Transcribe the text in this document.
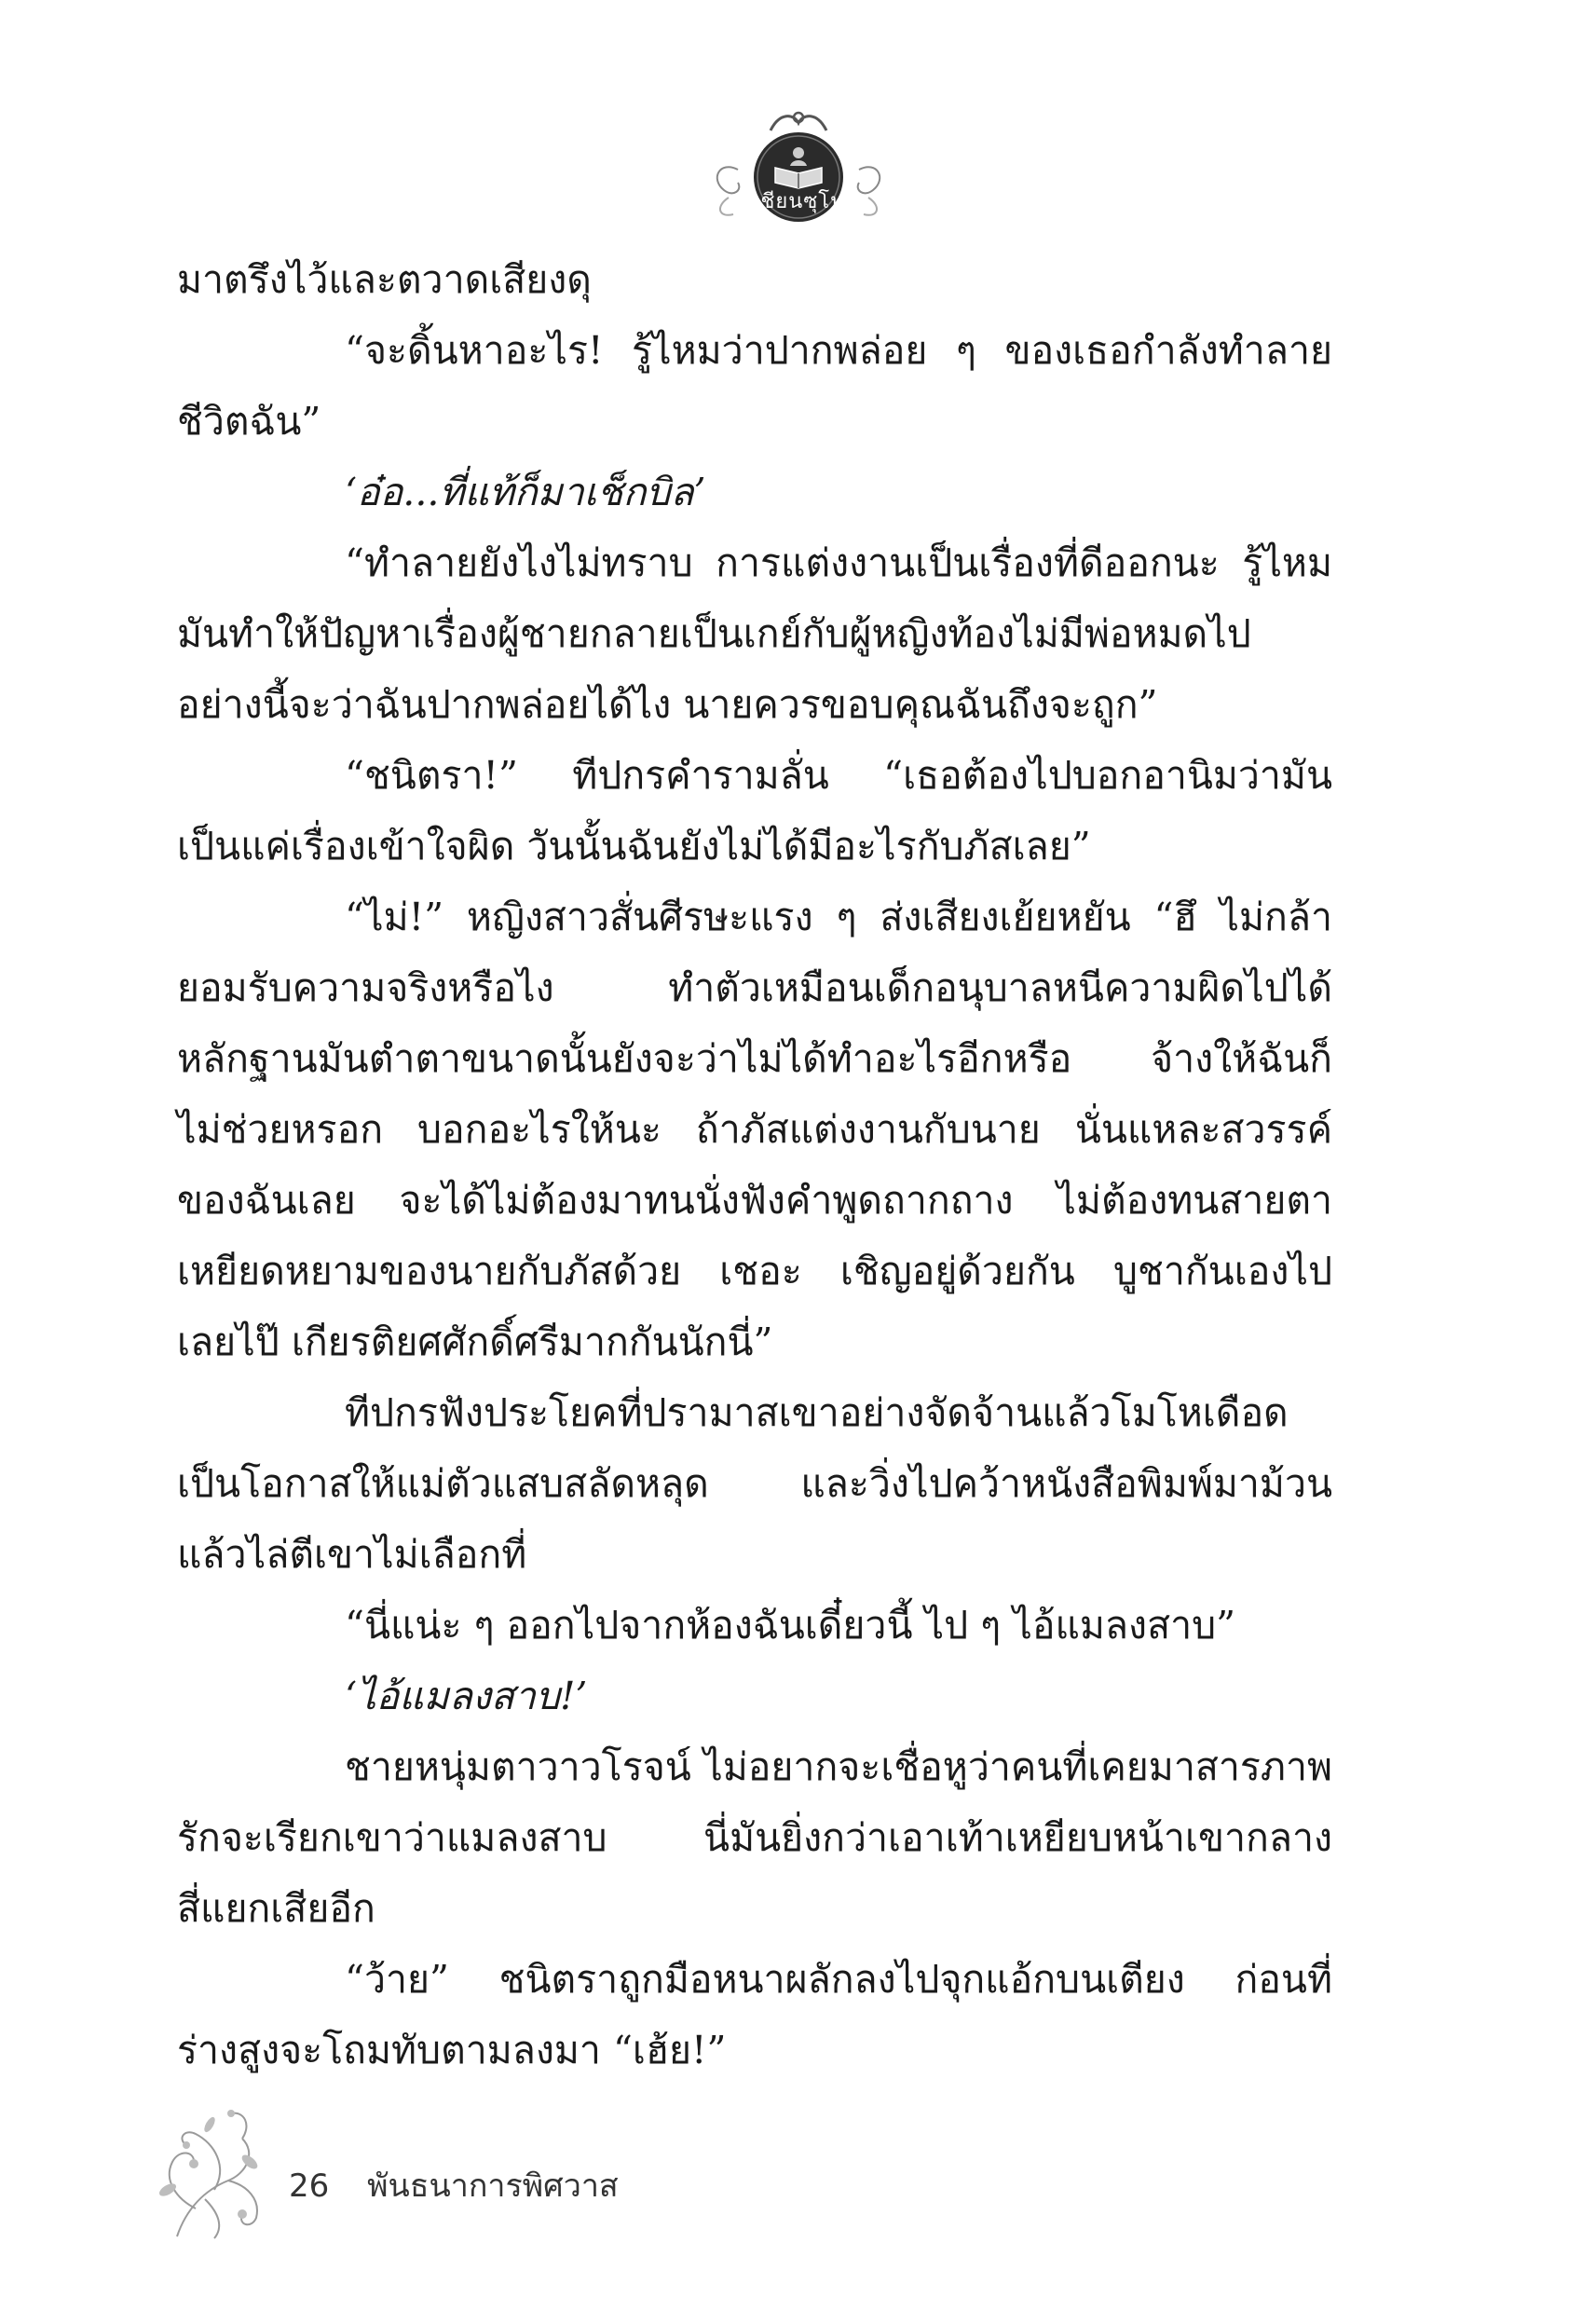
เชียนซุโป
มาตรึงไว้และตวาดเสียงดุ
“จะดิ้นหาอะไร! รู้ไหมว่าปากพล่อย ๆ ของเธอกำลังทำลาย
ชีวิตฉัน”
‘อ๋อ...ที่แท้ก็มาเช็กบิล’
“ทำลายยังไงไม่ทราบ การแต่งงานเป็นเรื่องที่ดีออกนะ รู้ไหม
มันทำให้ปัญหาเรื่องผู้ชายกลายเป็นเกย์กับผู้หญิงท้องไม่มีพ่อหมดไป
อย่างนี้จะว่าฉันปากพล่อยได้ไง นายควรขอบคุณฉันถึงจะถูก”
“ชนิตรา!” ทีปกรคำรามลั่น “เธอต้องไปบอกอานิมว่ามัน
เป็นแค่เรื่องเข้าใจผิด วันนั้นฉันยังไม่ได้มีอะไรกับภัสเลย”
“ไม่!” หญิงสาวสั่นศีรษะแรง ๆ ส่งเสียงเย้ยหยัน “ฮึ ไม่กล้า
ยอมรับความจริงหรือไง ทำตัวเหมือนเด็กอนุบาลหนีความผิดไปได้
หลักฐานมันตำตาขนาดนั้นยังจะว่าไม่ได้ทำอะไรอีกหรือ จ้างให้ฉันก็
ไม่ช่วยหรอก บอกอะไรให้นะ ถ้าภัสแต่งงานกับนาย นั่นแหละสวรรค์
ของฉันเลย จะได้ไม่ต้องมาทนนั่งฟังคำพูดถากถาง ไม่ต้องทนสายตา
เหยียดหยามของนายกับภัสด้วย เชอะ เชิญอยู่ด้วยกัน บูชากันเองไป
เลยไป๊ เกียรติยศศักดิ์ศรีมากกันนักนี่”
ทีปกรฟังประโยคที่ปรามาสเขาอย่างจัดจ้านแล้วโมโหเดือด
เป็นโอกาสให้แม่ตัวแสบสลัดหลุด และวิ่งไปคว้าหนังสือพิมพ์มาม้วน
แล้วไล่ตีเขาไม่เลือกที่
“นี่แน่ะ ๆ ออกไปจากห้องฉันเดี๋ยวนี้ ไป ๆ ไอ้แมลงสาบ”
‘ไอ้แมลงสาบ!’
ชายหนุ่มตาวาวโรจน์ ไม่อยากจะเชื่อหูว่าคนที่เคยมาสารภาพ
รักจะเรียกเขาว่าแมลงสาบ นี่มันยิ่งกว่าเอาเท้าเหยียบหน้าเขากลาง
สี่แยกเสียอีก
“ว้าย” ชนิตราถูกมือหนาผลักลงไปจุกแอ้กบนเตียง ก่อนที่
ร่างสูงจะโถมทับตามลงมา “เฮ้ย!”
26 พันธนาการพิศวาส
